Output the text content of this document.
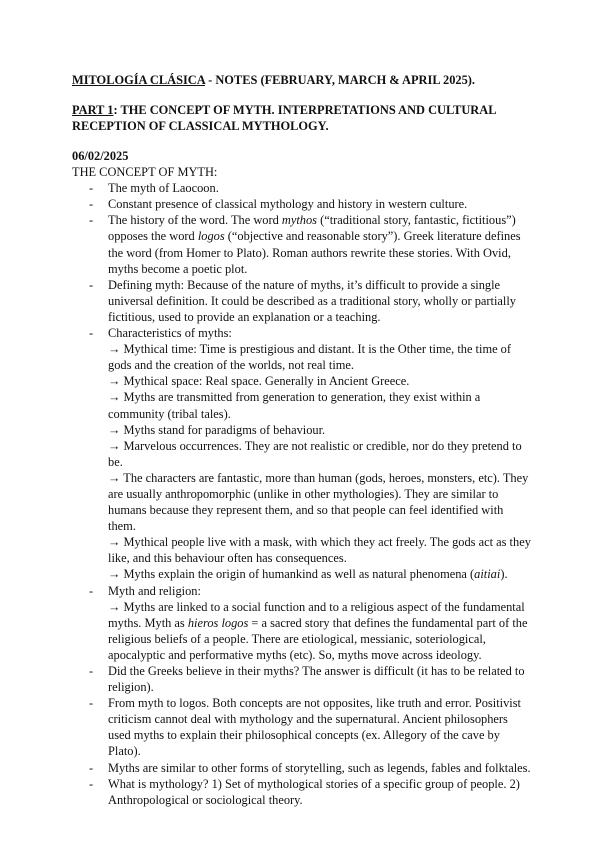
MITOLOGÍA CLÁSICA - NOTES (FEBRUARY, MARCH & APRIL 2025).
PART 1: THE CONCEPT OF MYTH. INTERPRETATIONS AND CULTURAL RECEPTION OF CLASSICAL MYTHOLOGY.
06/02/2025
THE CONCEPT OF MYTH:
- The myth of Laocoon.
- Constant presence of classical mythology and history in western culture.
- The history of the word. The word mythos (“traditional story, fantastic, fictitious”) opposes the word logos (“objective and reasonable story”). Greek literature defines the word (from Homer to Plato). Roman authors rewrite these stories. With Ovid, myths become a poetic plot.
- Defining myth: Because of the nature of myths, it’s difficult to provide a single universal definition. It could be described as a traditional story, wholly or partially fictitious, used to provide an explanation or a teaching.
- Characteristics of myths:
→ Mythical time: Time is prestigious and distant. It is the Other time, the time of gods and the creation of the worlds, not real time.
→ Mythical space: Real space. Generally in Ancient Greece.
→ Myths are transmitted from generation to generation, they exist within a community (tribal tales).
→ Myths stand for paradigms of behaviour.
→ Marvelous occurrences. They are not realistic or credible, nor do they pretend to be.
→ The characters are fantastic, more than human (gods, heroes, monsters, etc). They are usually anthropomorphic (unlike in other mythologies). They are similar to humans because they represent them, and so that people can feel identified with them.
→ Mythical people live with a mask, with which they act freely. The gods act as they like, and this behaviour often has consequences.
→ Myths explain the origin of humankind as well as natural phenomena (aitiai).
- Myth and religion:
→ Myths are linked to a social function and to a religious aspect of the fundamental myths. Myth as hieros logos = a sacred story that defines the fundamental part of the religious beliefs of a people. There are etiological, messianic, soteriological, apocalyptic and performative myths (etc). So, myths move across ideology.
- Did the Greeks believe in their myths? The answer is difficult (it has to be related to religion).
- From myth to logos. Both concepts are not opposites, like truth and error. Positivist criticism cannot deal with mythology and the supernatural. Ancient philosophers used myths to explain their philosophical concepts (ex. Allegory of the cave by Plato).
- Myths are similar to other forms of storytelling, such as legends, fables and folktales.
- What is mythology? 1) Set of mythological stories of a specific group of people. 2) Anthropological or sociological theory.
